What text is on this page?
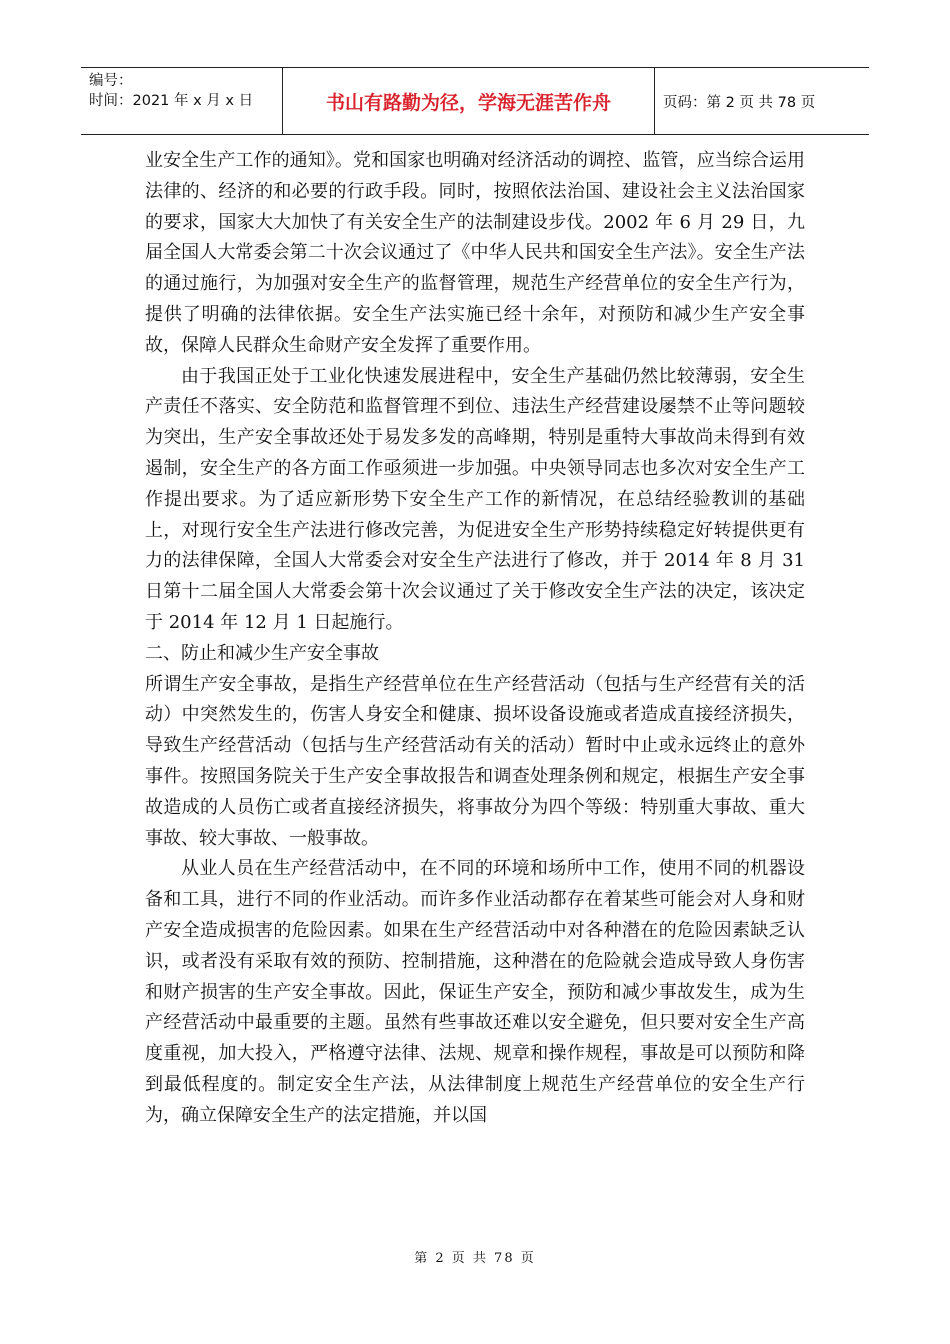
编号：
时间：2021 年 x 月 x 日	书山有路勤为径，学海无涯苦作舟	页码：第 2 页 共 78 页

业安全生产工作的通知》。党和国家也明确对经济活动的调控、监管，应当综合运用法律的、经济的和必要的行政手段。同时，按照依法治国、建设社会主义法治国家的要求，国家大大加快了有关安全生产的法制建设步伐。2002 年 6 月 29 日，九届全国人大常委会第二十次会议通过了《中华人民共和国安全生产法》。安全生产法的通过施行，为加强对安全生产的监督管理，规范生产经营单位的安全生产行为，提供了明确的法律依据。安全生产法实施已经十余年，对预防和减少生产安全事故，保障人民群众生命财产安全发挥了重要作用。

由于我国正处于工业化快速发展进程中，安全生产基础仍然比较薄弱，安全生产责任不落实、安全防范和监督管理不到位、违法生产经营建设屡禁不止等问题较为突出，生产安全事故还处于易发多发的高峰期，特别是重特大事故尚未得到有效遏制，安全生产的各方面工作亟须进一步加强。中央领导同志也多次对安全生产工作提出要求。为了适应新形势下安全生产工作的新情况，在总结经验教训的基础上，对现行安全生产法进行修改完善，为促进安全生产形势持续稳定好转提供更有力的法律保障，全国人大常委会对安全生产法进行了修改，并于 2014 年 8 月 31 日第十二届全国人大常委会第十次会议通过了关于修改安全生产法的决定，该决定于 2014 年 12 月 1 日起施行。

二、防止和减少生产安全事故

所谓生产安全事故，是指生产经营单位在生产经营活动（包括与生产经营有关的活动）中突然发生的，伤害人身安全和健康、损坏设备设施或者造成直接经济损失，导致生产经营活动（包括与生产经营活动有关的活动）暂时中止或永远终止的意外事件。按照国务院关于生产安全事故报告和调查处理条例和规定，根据生产安全事故造成的人员伤亡或者直接经济损失，将事故分为四个等级：特别重大事故、重大事故、较大事故、一般事故。

从业人员在生产经营活动中，在不同的环境和场所中工作，使用不同的机器设备和工具，进行不同的作业活动。而许多作业活动都存在着某些可能会对人身和财产安全造成损害的危险因素。如果在生产经营活动中对各种潜在的危险因素缺乏认识，或者没有采取有效的预防、控制措施，这种潜在的危险就会造成导致人身伤害和财产损害的生产安全事故。因此，保证生产安全，预防和减少事故发生，成为生产经营活动中最重要的主题。虽然有些事故还难以安全避免，但只要对安全生产高度重视，加大投入，严格遵守法律、法规、规章和操作规程，事故是可以预防和降到最低程度的。制定安全生产法，从法律制度上规范生产经营单位的安全生产行为，确立保障安全生产的法定措施，并以国

第 2 页 共 78 页
